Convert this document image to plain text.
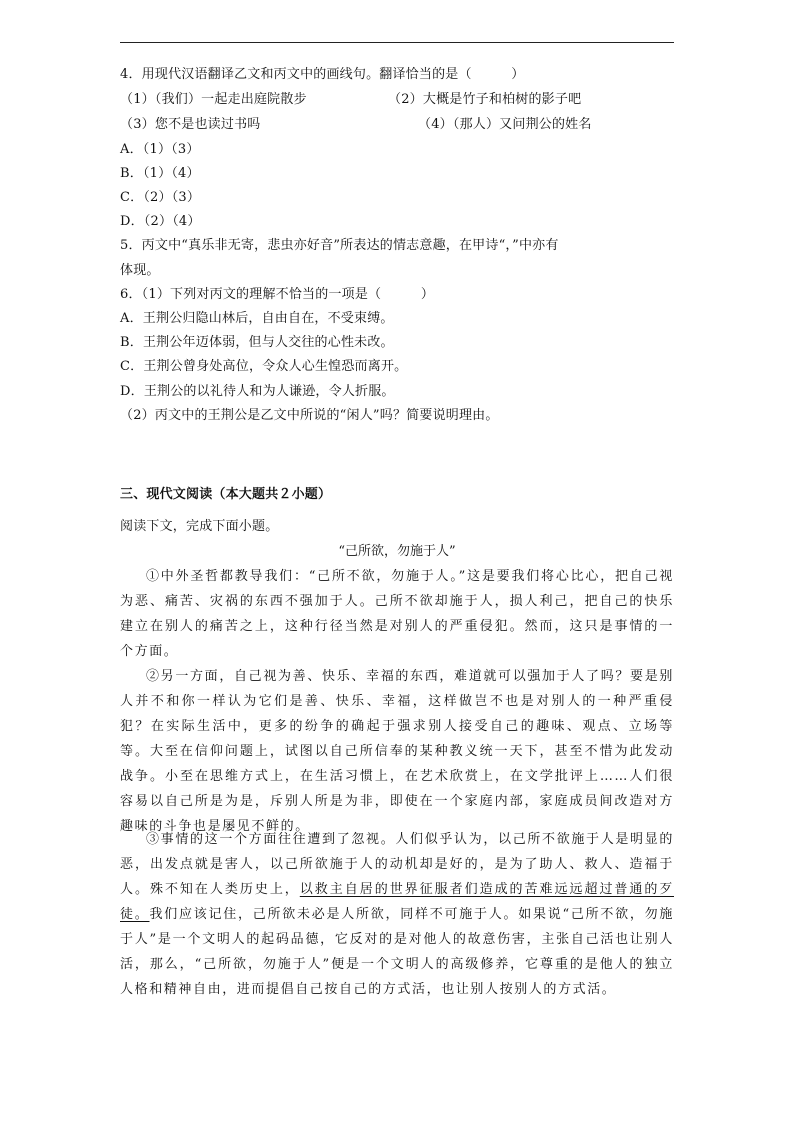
4．用现代汉语翻译乙文和丙文中的画线句。翻译恰当的是（　　　）
（1）（我们）一起走出庭院散步	（2）大概是竹子和柏树的影子吧
（3）您不是也读过书吗	（4）（那人）又问荆公的姓名
A．（1）（3）
B．（1）（4）
C．（2）（3）
D．（2）（4）
5．丙文中“真乐非无寄，悲虫亦好音”所表达的情志意趣，在甲诗“，”中亦有
体现。
6．（1）下列对丙文的理解不恰当的一项是（　　　）
A．王荆公归隐山林后，自由自在，不受束缚。
B．王荆公年迈体弱，但与人交往的心性未改。
C．王荆公曾身处高位，令众人心生惶恐而离开。
D．王荆公的以礼待人和为人谦逊，令人折服。
（2）丙文中的王荆公是乙文中所说的“闲人”吗？简要说明理由。
三、现代文阅读（本大题共２小题）
阅读下文，完成下面小题。
“己所欲，勿施于人”
①中外圣哲都教导我们：“己所不欲，勿施于人。”这是要我们将心比心，把自己视为恶、痛苦、灾祸的东西不强加于人。己所不欲却施于人，损人利己，把自己的快乐建立在别人的痛苦之上，这种行径当然是对别人的严重侵犯。然而，这只是事情的一个方面。
②另一方面，自己视为善、快乐、幸福的东西，难道就可以强加于人了吗？要是别人并不和你一样认为它们是善、快乐、幸福，这样做岂不也是对别人的一种严重侵犯？在实际生活中，更多的纷争的确起于强求别人接受自己的趣味、观点、立场等等。大至在信仰问题上，试图以自己所信奉的某种教义统一天下，甚至不惜为此发动战争。小至在思维方式上，在生活习惯上，在艺术欣赏上，在文学批评上……人们很容易以自己所是为是，斥别人所是为非，即使在一个家庭内部，家庭成员间改造对方趣味的斗争也是屡见不鲜的。
③事情的这一个方面往往遭到了忽视。人们似乎认为，以己所不欲施于人是明显的恶，出发点就是害人，以己所欲施于人的动机却是好的，是为了助人、救人、造福于人。殊不知在人类历史上，以救主自居的世界征服者们造成的苦难远远超过普通的歹徒。我们应该记住，己所欲未必是人所欲，同样不可施于人。如果说“己所不欲，勿施于人”是一个文明人的起码品德，它反对的是对他人的故意伤害，主张自己活也让别人活，那么，“己所欲，勿施于人”便是一个文明人的高级修养，它尊重的是他人的独立人格和精神自由，进而提倡自己按自己的方式活，也让别人按别人的方式活。
